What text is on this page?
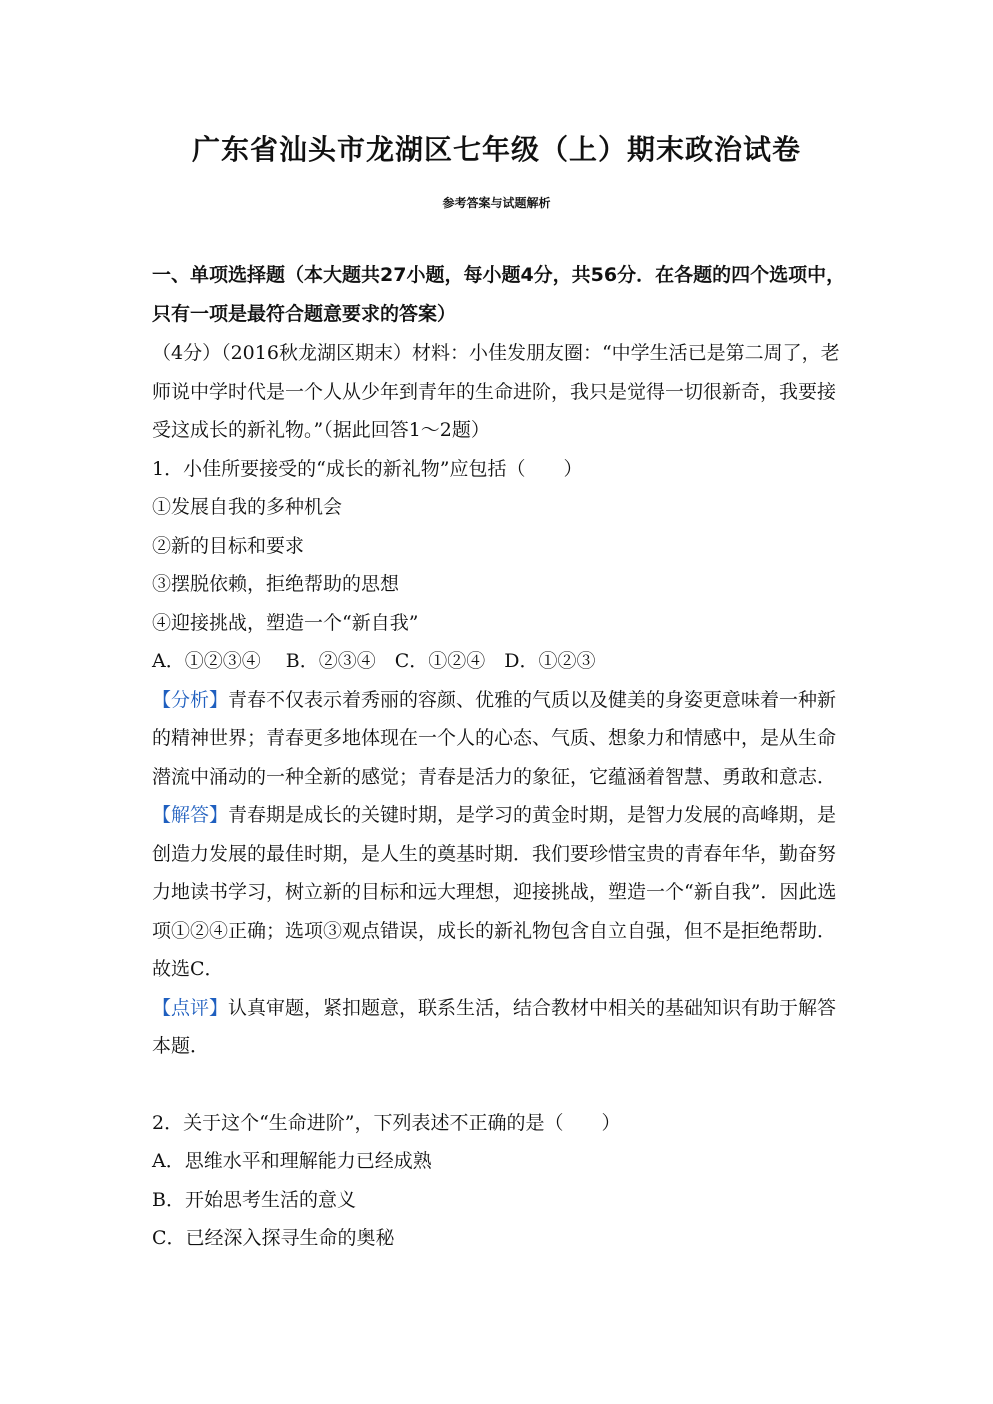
广东省汕头市龙湖区七年级（上）期末政治试卷
参考答案与试题解析

一、单项选择题（本大题共27小题，每小题4分，共56分．在各题的四个选项中，只有一项是最符合题意要求的答案）

（4分）（2016秋龙湖区期末）材料：小佳发朋友圈：“中学生活已是第二周了，老师说中学时代是一个人从少年到青年的生命进阶，我只是觉得一切很新奇，我要接受这成长的新礼物。”（据此回答1～2题）

1．小佳所要接受的“成长的新礼物”应包括（　　）

①发展自我的多种机会

②新的目标和要求

③摆脱依赖，拒绝帮助的思想

④迎接挑战，塑造一个“新自我”

A．①②③④　 B．②③④　C．①②④　D．①②③

【分析】青春不仅表示着秀丽的容颜、优雅的气质以及健美的身姿更意味着一种新的精神世界；青春更多地体现在一个人的心态、气质、想象力和情感中，是从生命潜流中涌动的一种全新的感觉；青春是活力的象征，它蕴涵着智慧、勇敢和意志．

【解答】青春期是成长的关键时期，是学习的黄金时期，是智力发展的高峰期，是创造力发展的最佳时期，是人生的奠基时期．我们要珍惜宝贵的青春年华，勤奋努力地读书学习，树立新的目标和远大理想，迎接挑战，塑造一个“新自我”．因此选项①②④正确；选项③观点错误，成长的新礼物包含自立自强，但不是拒绝帮助．故选C．

【点评】认真审题，紧扣题意，联系生活，结合教材中相关的基础知识有助于解答本题．

2．关于这个“生命进阶”，下列表述不正确的是（　　）

A．思维水平和理解能力已经成熟

B．开始思考生活的意义

C．已经深入探寻生命的奥秘
